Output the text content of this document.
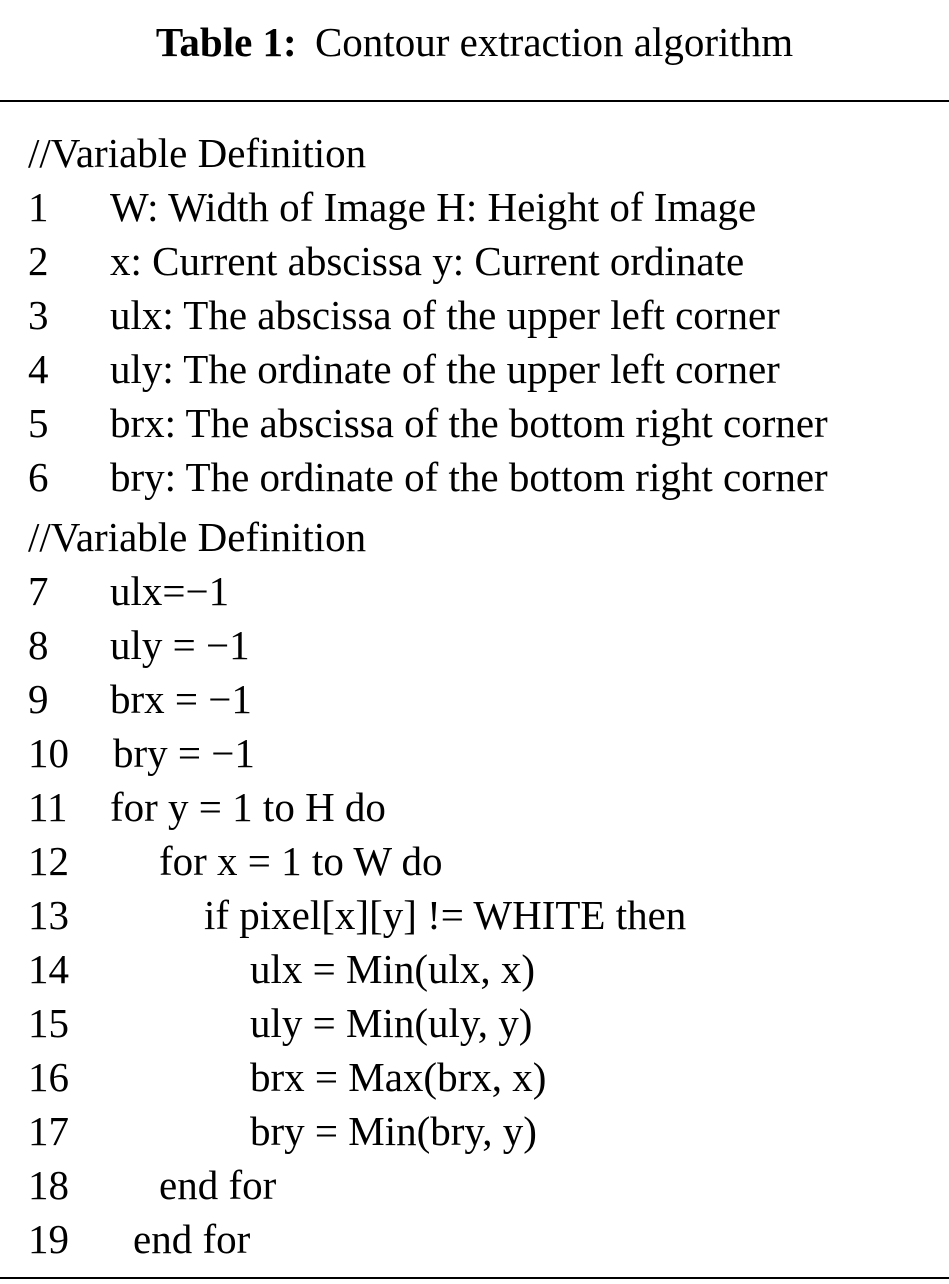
Table 1: Contour extraction algorithm
//Variable Definition
1 W: Width of Image H: Height of Image
2 x: Current abscissa y: Current ordinate
3 ulx: The abscissa of the upper left corner
4 uly: The ordinate of the upper left corner
5 brx: The abscissa of the bottom right corner
6 bry: The ordinate of the bottom right corner
//Variable Definition
7 ulx=−1
8 uly = −1
9 brx = −1
10 bry = −1
11 for y = 1 to H do
12 for x = 1 to W do
13	if pixel[x][y] != WHITE then
14	ulx = Min(ulx, x)
15	uly = Min(uly, y)
16	brx = Max(brx, x)
17	bry = Min(bry, y)
18 end for
19 end for
